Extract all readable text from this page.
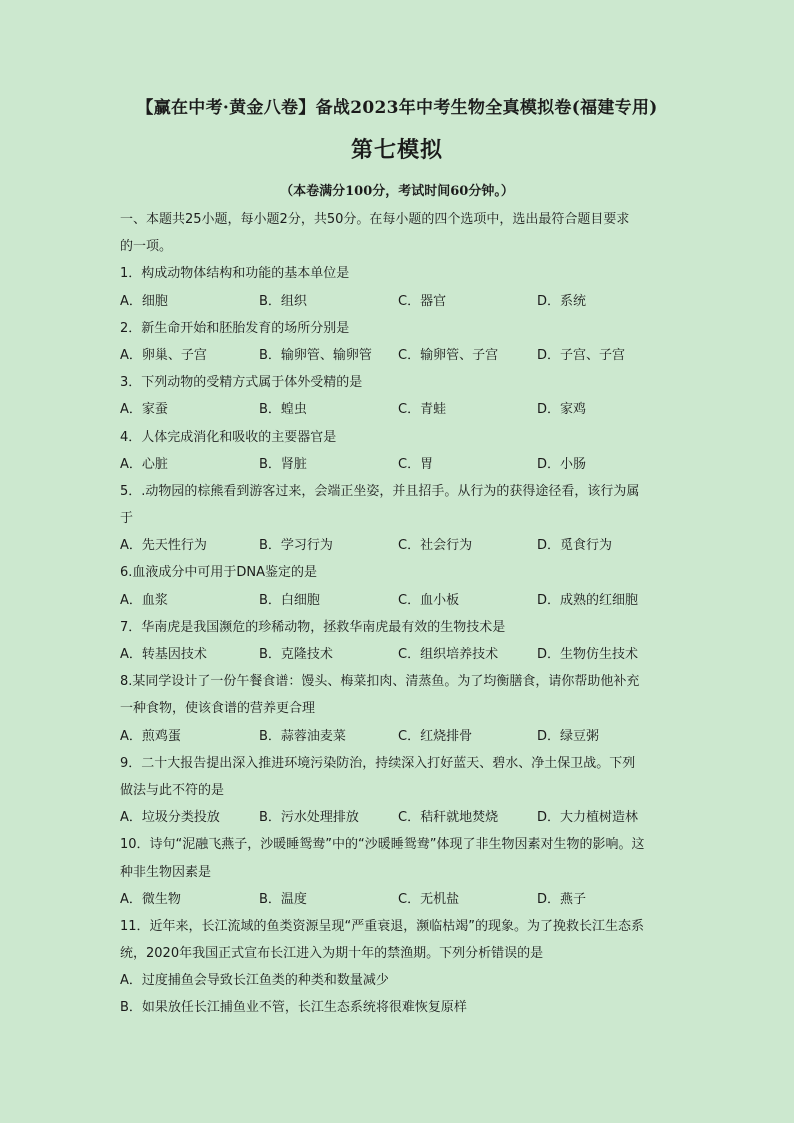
【赢在中考·黄金八卷】备战2023年中考生物全真模拟卷(福建专用)
第七模拟
（本卷满分100分，考试时间60分钟。）
一、本题共25小题，每小题2分，共50分。在每小题的四个选项中，选出最符合题目要求
的一项。
1．构成动物体结构和功能的基本单位是
A．细胞	B．组织	C．器官	D．系统
2．新生命开始和胚胎发育的场所分别是
A．卵巢、子宫	B．输卵管、输卵管	C．输卵管、子宫	D．子宫、子宫
3．下列动物的受精方式属于体外受精的是
A．家蚕	B．蝗虫	C．青蛙	D．家鸡
4．人体完成消化和吸收的主要器官是
A．心脏	B．肾脏	C．胃	D．小肠
5．.动物园的棕熊看到游客过来，会端正坐姿，并且招手。从行为的获得途径看，该行为属
于
A．先天性行为	B．学习行为	C．社会行为	D．觅食行为
6.血液成分中可用于DNA鉴定的是
A．血浆	B．白细胞	C．血小板	D．成熟的红细胞
7．华南虎是我国濒危的珍稀动物，拯救华南虎最有效的生物技术是
A．转基因技术	B．克隆技术	C．组织培养技术	D．生物仿生技术
8.某同学设计了一份午餐食谱：馒头、梅菜扣肉、清蒸鱼。为了均衡膳食，请你帮助他补充
一种食物，使该食谱的营养更合理
A．煎鸡蛋	B．蒜蓉油麦菜	C．红烧排骨	D．绿豆粥
9．二十大报告提出深入推进环境污染防治，持续深入打好蓝天、碧水、净土保卫战。下列
做法与此不符的是
A．垃圾分类投放	B．污水处理排放	C．秸秆就地焚烧	D．大力植树造林
10．诗句“泥融飞燕子，沙暖睡鸳鸯”中的“沙暖睡鸳鸯”体现了非生物因素对生物的影响。这
种非生物因素是
A．微生物	B．温度	C．无机盐	D．燕子
11．近年来，长江流域的鱼类资源呈现“严重衰退，濒临枯竭”的现象。为了挽救长江生态系
统，2020年我国正式宣布长江进入为期十年的禁渔期。下列分析错误的是
A．过度捕鱼会导致长江鱼类的种类和数量减少
B．如果放任长江捕鱼业不管，长江生态系统将很难恢复原样
